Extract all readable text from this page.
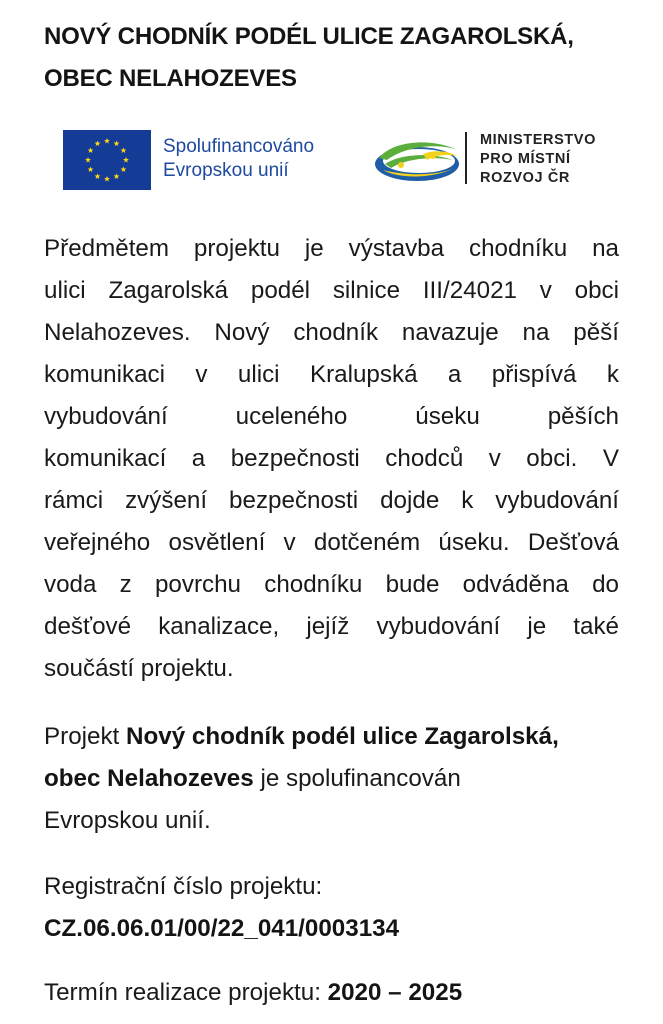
NOVÝ CHODNÍK PODÉL ULICE ZAGAROLSKÁ,
OBEC NELAHOZEVES
Spolufinancováno
Evropskou unií
MINISTERSTVO
PRO MÍSTNÍ
ROZVOJ ČR
Předmětem projektu je výstavba chodníku na
ulici Zagarolská podél silnice III/24021 v obci
Nelahozeves. Nový chodník navazuje na pěší
komunikaci v ulici Kralupská a přispívá k
vybudování uceleného úseku pěších
komunikací a bezpečnosti chodců v obci. V
rámci zvýšení bezpečnosti dojde k vybudování
veřejného osvětlení v dotčeném úseku. Dešťová
voda z povrchu chodníku bude odváděna do
dešťové kanalizace, jejíž vybudování je také
součástí projektu.
Projekt Nový chodník podél ulice Zagarolská,
obec Nelahozeves je spolufinancován
Evropskou unií.
Registrační číslo projektu:
CZ.06.06.01/00/22_041/0003134
Termín realizace projektu: 2020 – 2025
